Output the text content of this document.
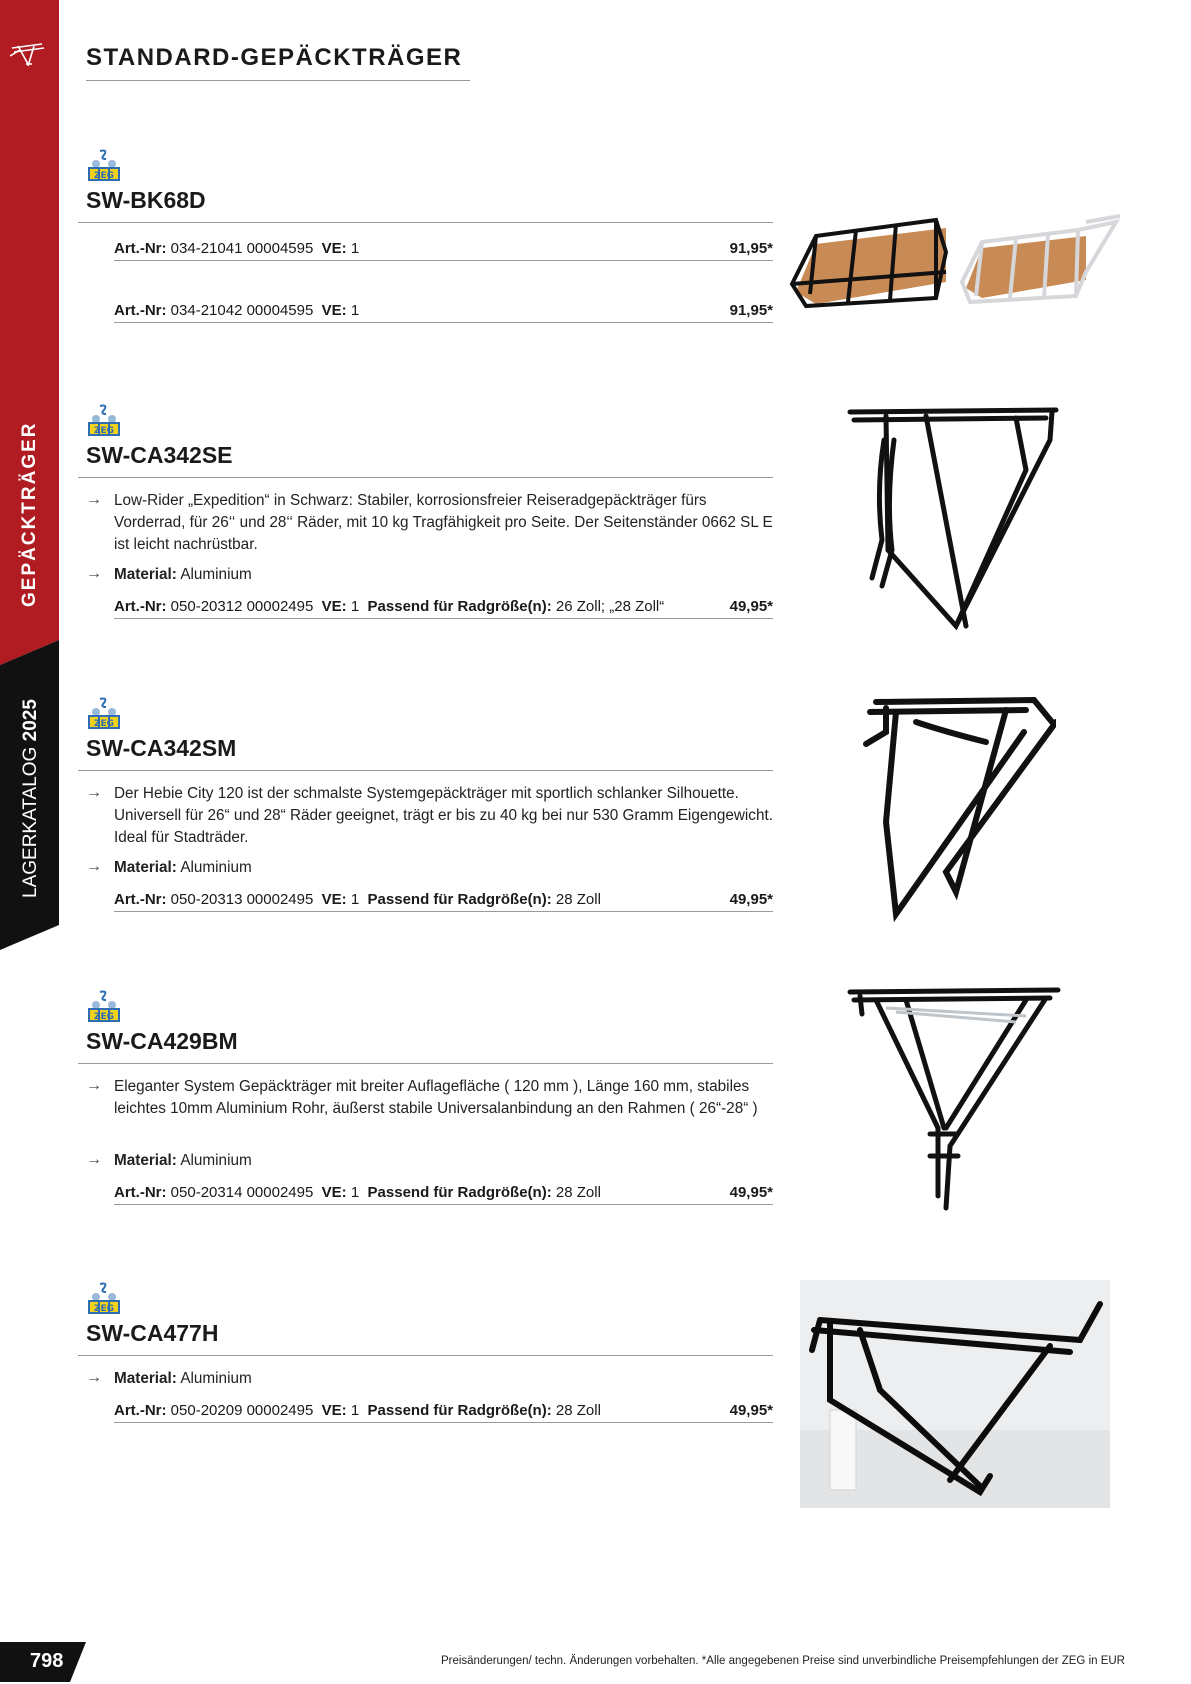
GEPÄCKTRÄGER
LAGERKATALOG 2025
STANDARD-GEPÄCKTRÄGER
ZEG
SW-BK68D
Art.-Nr: 034-21041 00004595 VE: 1	91,95*
Art.-Nr: 034-21042 00004595 VE: 1	91,95*
ZEG
SW-CA342SE
→ Low-Rider „Expedition“ in Schwarz: Stabiler, korrosionsfreier Reiseradgepäckträger fürs Vorderrad, für 26‘‘ und 28‘‘ Räder, mit 10 kg Tragfähigkeit pro Seite. Der Seitenständer 0662 SL E ist leicht nachrüstbar.
→ Material: Aluminium
Art.-Nr: 050-20312 00002495 VE: 1 Passend für Radgröße(n): 26 Zoll; „28 Zoll“	49,95*
ZEG
SW-CA342SM
→ Der Hebie City 120 ist der schmalste Systemgepäckträger mit sportlich schlanker Silhouette. Universell für 26“ und 28“ Räder geeignet, trägt er bis zu 40 kg bei nur 530 Gramm Eigengewicht. Ideal für Stadträder.
→ Material: Aluminium
Art.-Nr: 050-20313 00002495 VE: 1 Passend für Radgröße(n): 28 Zoll	49,95*
ZEG
SW-CA429BM
→ Eleganter System Gepäckträger mit breiter Auflagefläche ( 120 mm ), Länge 160 mm, stabiles leichtes 10mm Aluminium Rohr, äußerst stabile Universalanbindung an den Rahmen ( 26“-28“ )
→ Material: Aluminium
Art.-Nr: 050-20314 00002495 VE: 1 Passend für Radgröße(n): 28 Zoll	49,95*
ZEG
SW-CA477H
→ Material: Aluminium
Art.-Nr: 050-20209 00002495 VE: 1 Passend für Radgröße(n): 28 Zoll	49,95*
798	Preisänderungen/ techn. Änderungen vorbehalten. *Alle angegebenen Preise sind unverbindliche Preisempfehlungen der ZEG in EUR
